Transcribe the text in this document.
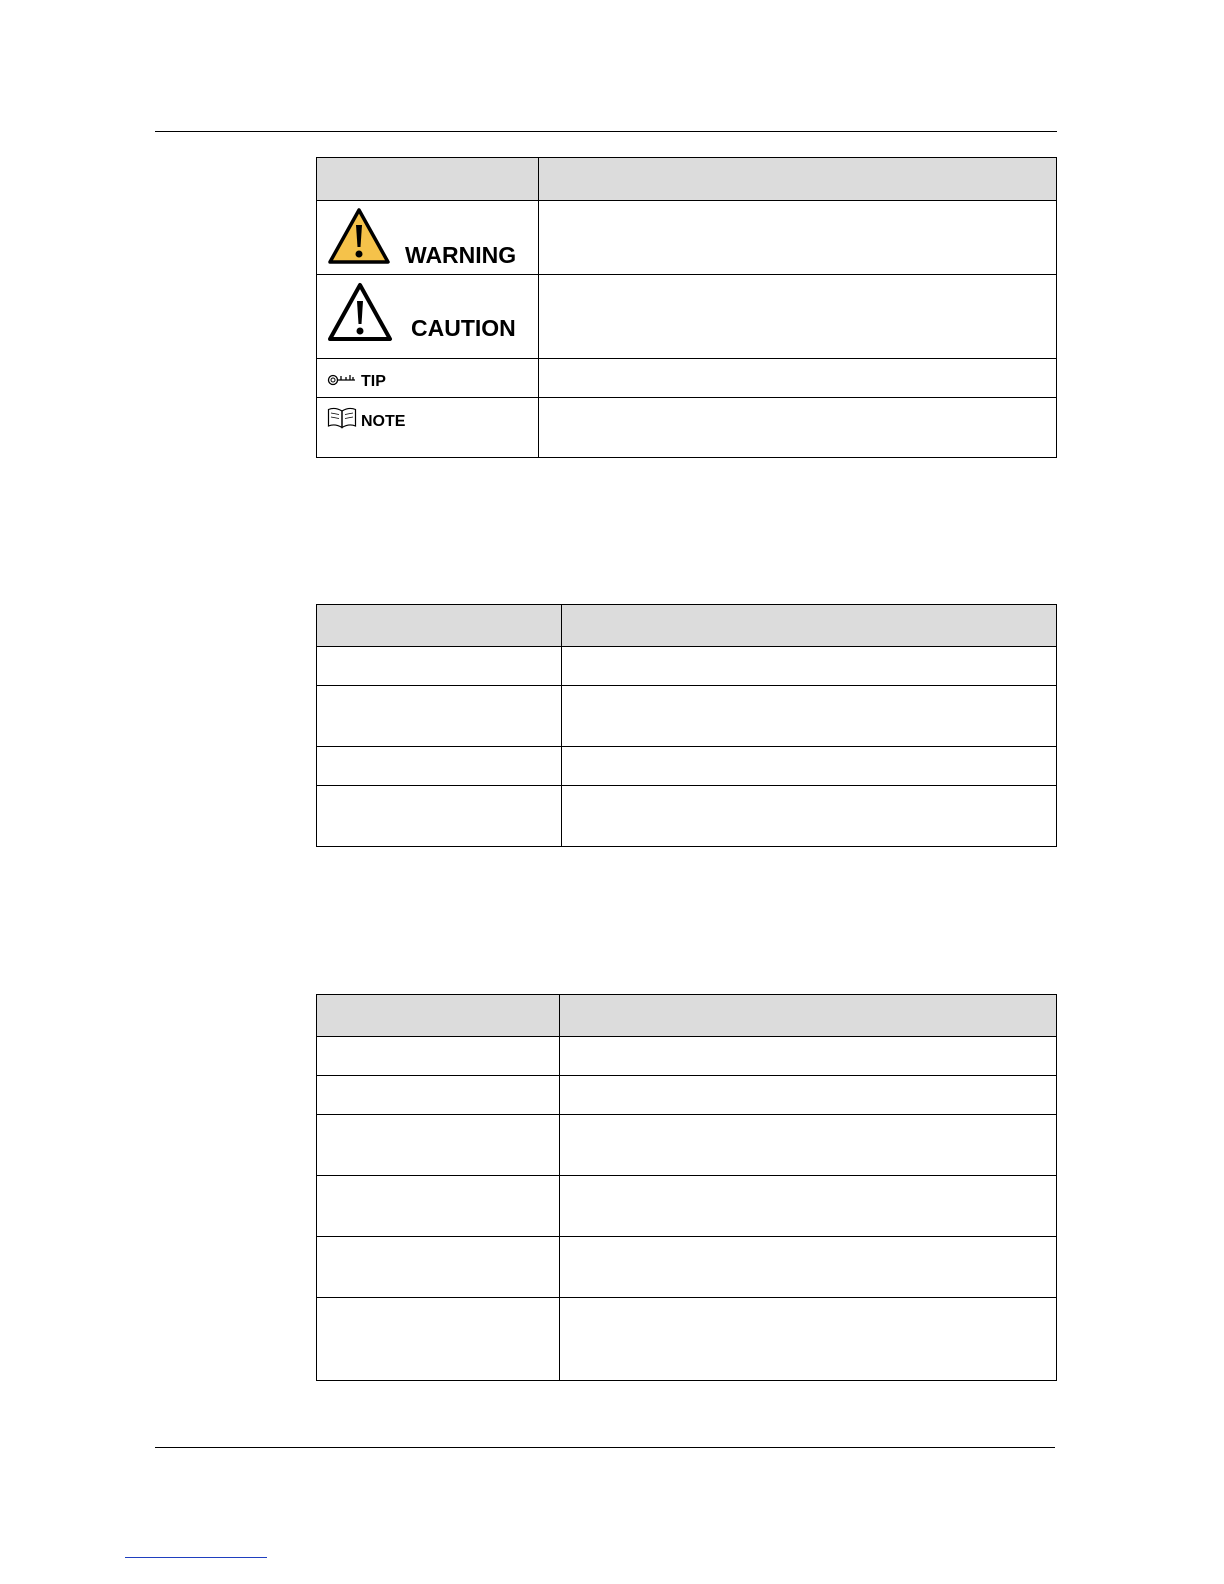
WARNING
CAUTION
TIP
NOTE
